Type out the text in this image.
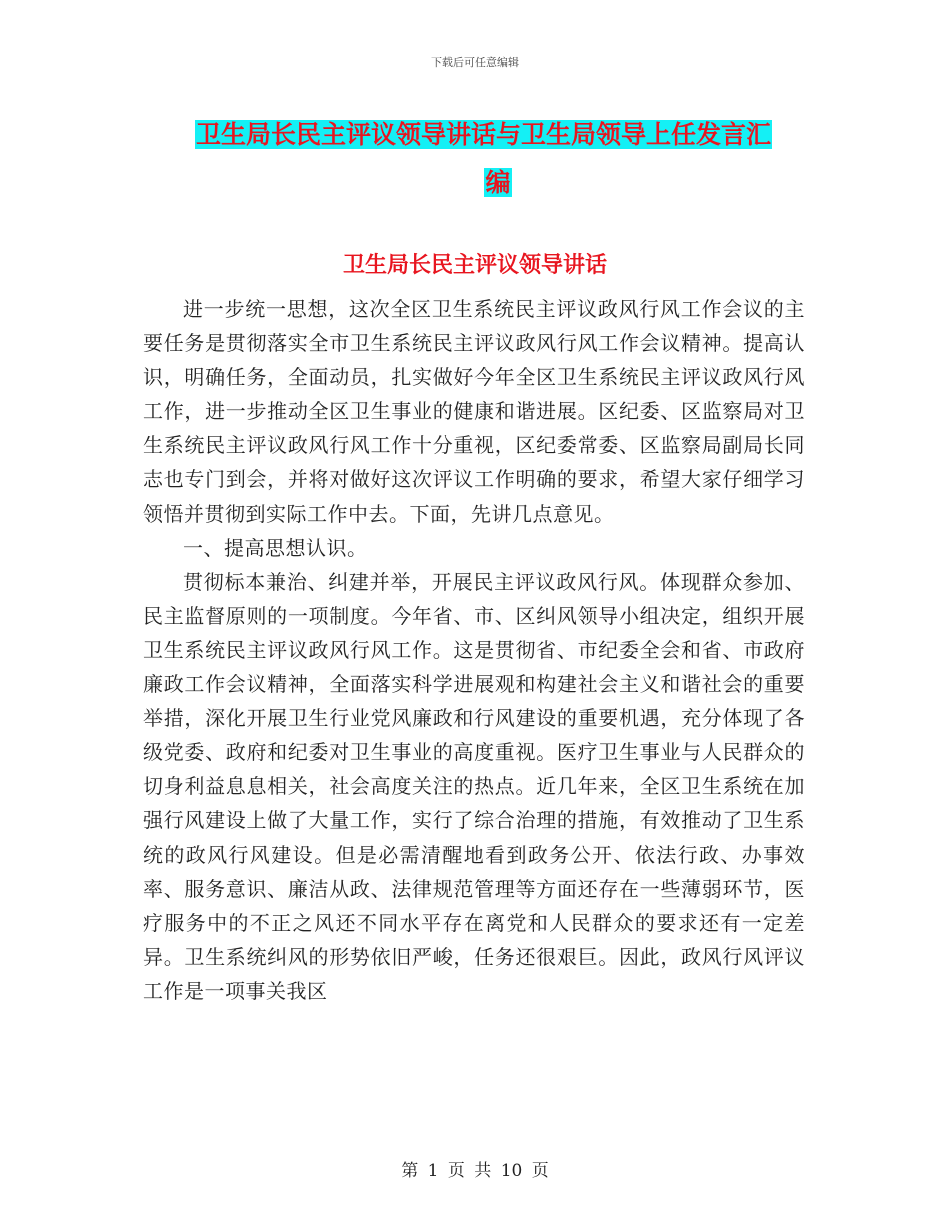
下载后可任意编辑
卫生局长民主评议领导讲话与卫生局领导上任发言汇
编
卫生局长民主评议领导讲话

进一步统一思想，这次全区卫生系统民主评议政风行风工作会议的主要任务是贯彻落实全市卫生系统民主评议政风行风工作会议精神。提高认识，明确任务，全面动员，扎实做好今年全区卫生系统民主评议政风行风工作，进一步推动全区卫生事业的健康和谐进展。区纪委、区监察局对卫生系统民主评议政风行风工作十分重视，区纪委常委、区监察局副局长同志也专门到会，并将对做好这次评议工作明确的要求，希望大家仔细学习领悟并贯彻到实际工作中去。下面，先讲几点意见。

一、提高思想认识。

贯彻标本兼治、纠建并举，开展民主评议政风行风。体现群众参加、民主监督原则的一项制度。今年省、市、区纠风领导小组决定，组织开展卫生系统民主评议政风行风工作。这是贯彻省、市纪委全会和省、市政府廉政工作会议精神，全面落实科学进展观和构建社会主义和谐社会的重要举措，深化开展卫生行业党风廉政和行风建设的重要机遇，充分体现了各级党委、政府和纪委对卫生事业的高度重视。医疗卫生事业与人民群众的切身利益息息相关，社会高度关注的热点。近几年来，全区卫生系统在加强行风建设上做了大量工作，实行了综合治理的措施，有效推动了卫生系统的政风行风建设。但是必需清醒地看到政务公开、依法行政、办事效率、服务意识、廉洁从政、法律规范管理等方面还存在一些薄弱环节，医疗服务中的不正之风还不同水平存在离党和人民群众的要求还有一定差异。卫生系统纠风的形势依旧严峻，任务还很艰巨。因此，政风行风评议工作是一项事关我区

第 1 页 共 10 页
